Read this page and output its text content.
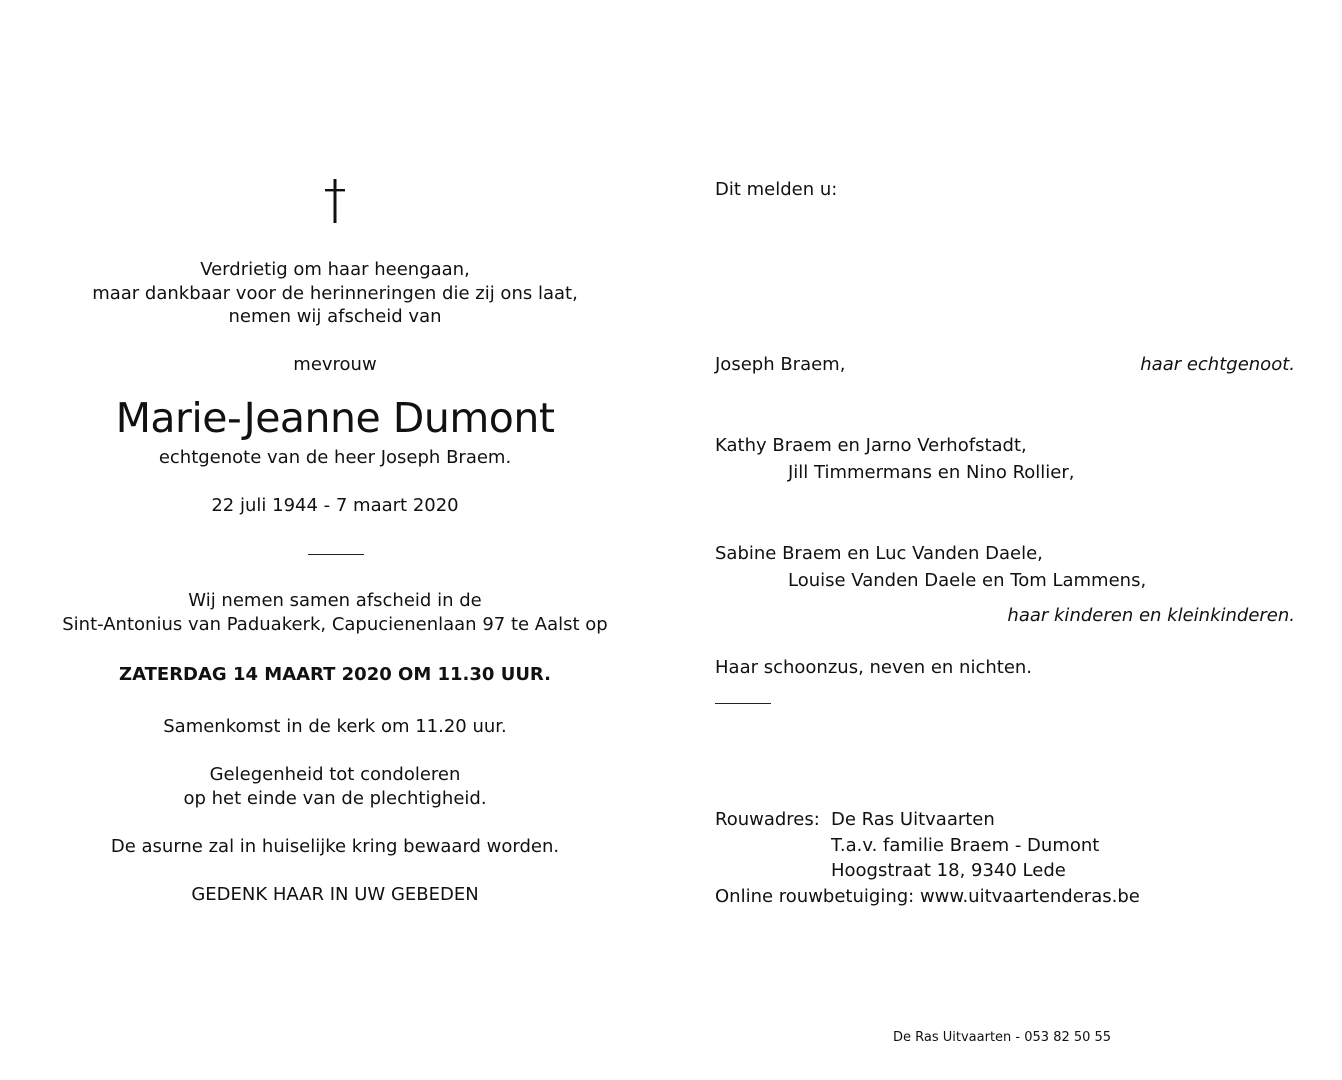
Verdrietig om haar heengaan,
maar dankbaar voor de herinneringen die zij ons laat,
nemen wij afscheid van
mevrouw
Marie-Jeanne Dumont
echtgenote van de heer Joseph Braem.
22 juli 1944 - 7 maart 2020
Wij nemen samen afscheid in de
Sint-Antonius van Paduakerk, Capucienenlaan 97 te Aalst op
ZATERDAG 14 MAART 2020 OM 11.30 UUR.
Samenkomst in de kerk om 11.20 uur.
Gelegenheid tot condoleren
op het einde van de plechtigheid.
De asurne zal in huiselijke kring bewaard worden.
GEDENK HAAR IN UW GEBEDEN
Dit melden u:
Joseph Braem,	haar echtgenoot.
Kathy Braem en Jarno Verhofstadt,
Jill Timmermans en Nino Rollier,
Sabine Braem en Luc Vanden Daele,
Louise Vanden Daele en Tom Lammens,
haar kinderen en kleinkinderen.
Haar schoonzus, neven en nichten.
Rouwadres: De Ras Uitvaarten
T.a.v. familie Braem - Dumont
Hoogstraat 18, 9340 Lede
Online rouwbetuiging: www.uitvaartenderas.be
De Ras Uitvaarten - 053 82 50 55
